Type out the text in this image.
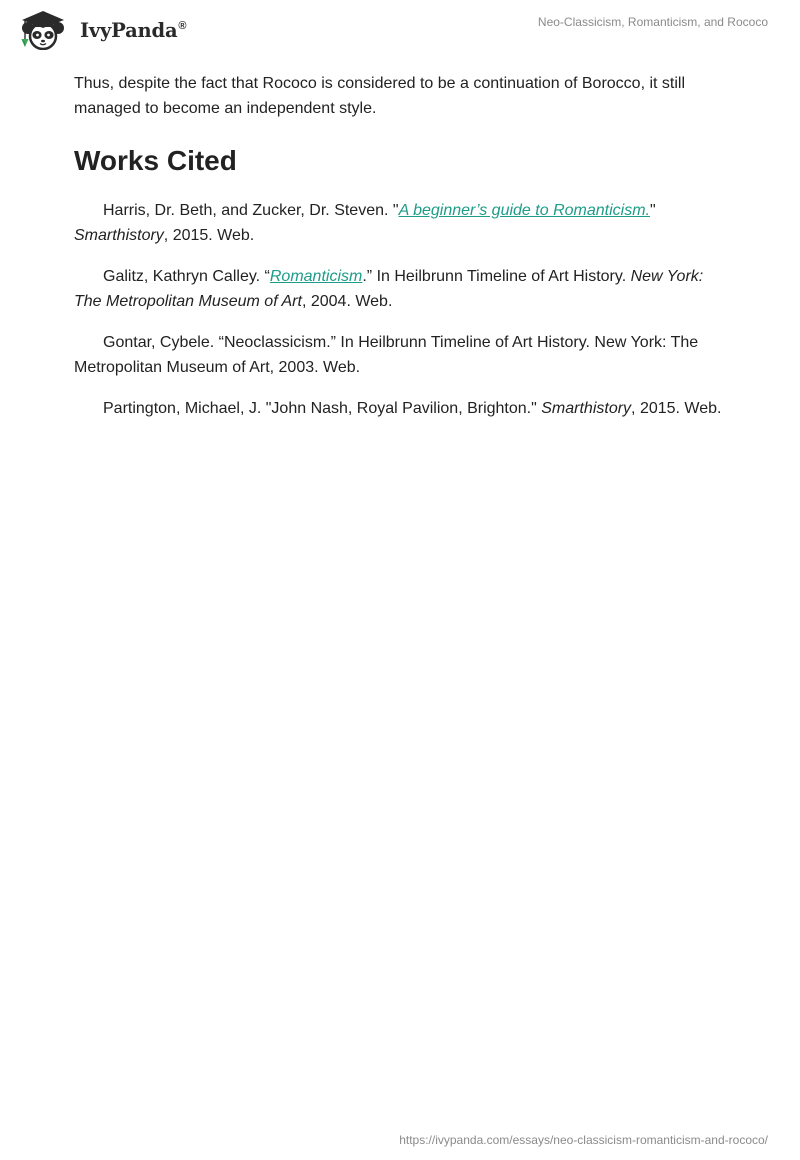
IvyPanda®	Neo-Classicism, Romanticism, and Rococo

Thus, despite the fact that Rococo is considered to be a continuation of Borocco, it still managed to become an independent style.

Works Cited

Harris, Dr. Beth, and Zucker, Dr. Steven. "A beginner’s guide to Romanticism." Smarthistory, 2015. Web.

Galitz, Kathryn Calley. “Romanticism.” In Heilbrunn Timeline of Art History. New York: The Metropolitan Museum of Art, 2004. Web.

Gontar, Cybele. “Neoclassicism.” In Heilbrunn Timeline of Art History. New York: The Metropolitan Museum of Art, 2003. Web.

Partington, Michael, J. "John Nash, Royal Pavilion, Brighton." Smarthistory, 2015. Web.

https://ivypanda.com/essays/neo-classicism-romanticism-and-rococo/
